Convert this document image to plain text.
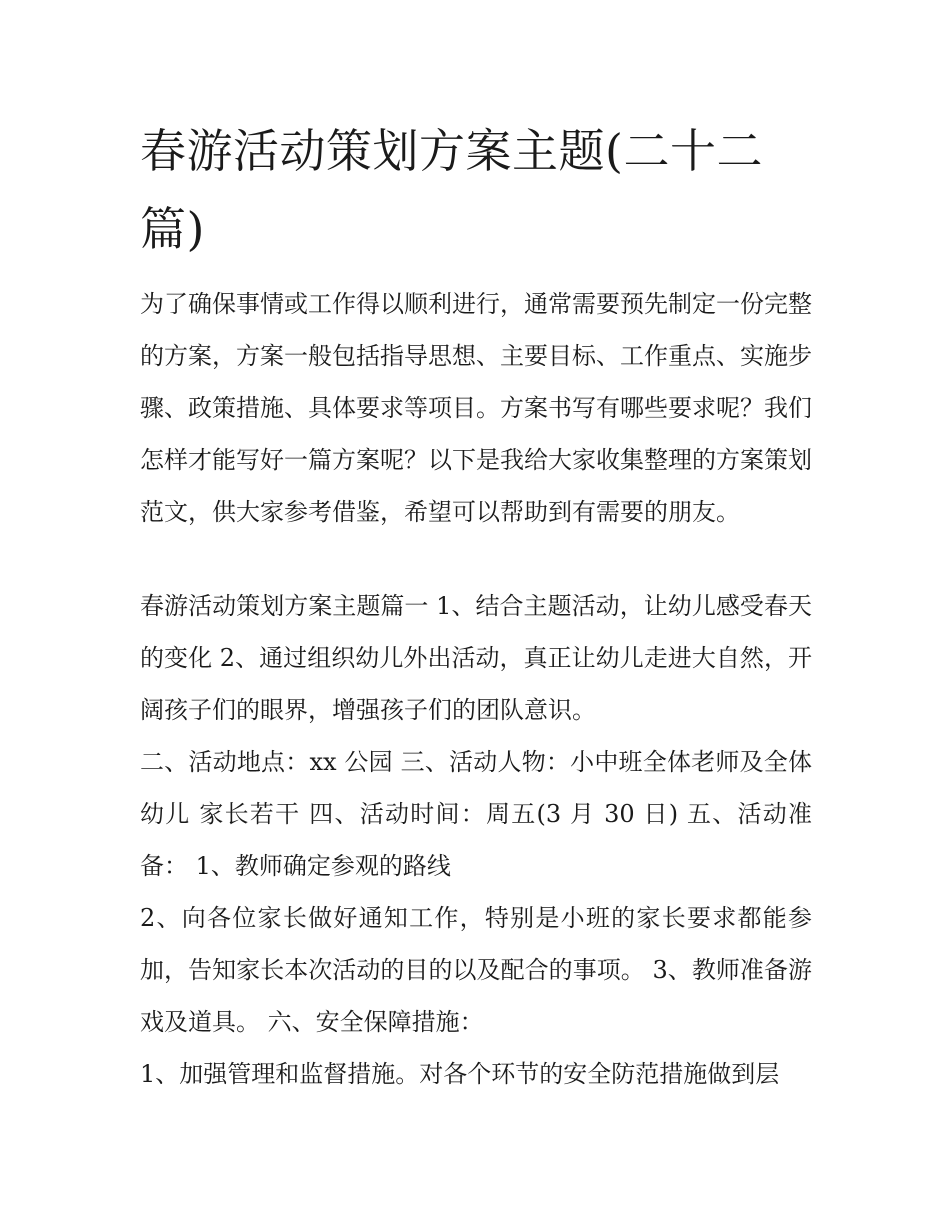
春游活动策划方案主题(二十二篇)

为了确保事情或工作得以顺利进行，通常需要预先制定一份完整的方案，方案一般包括指导思想、主要目标、工作重点、实施步骤、政策措施、具体要求等项目。方案书写有哪些要求呢？我们怎样才能写好一篇方案呢？以下是我给大家收集整理的方案策划范文，供大家参考借鉴，希望可以帮助到有需要的朋友。

春游活动策划方案主题篇一 1、结合主题活动，让幼儿感受春天的变化 2、通过组织幼儿外出活动，真正让幼儿走进大自然，开阔孩子们的眼界，增强孩子们的团队意识。

二、活动地点：xx 公园 三、活动人物：小中班全体老师及全体幼儿 家长若干 四、活动时间：周五(3 月 30 日) 五、活动准备： 1、教师确定参观的路线

2、向各位家长做好通知工作，特别是小班的家长要求都能参加，告知家长本次活动的目的以及配合的事项。 3、教师准备游戏及道具。 六、安全保障措施：

1、加强管理和监督措施。对各个环节的安全防范措施做到层
